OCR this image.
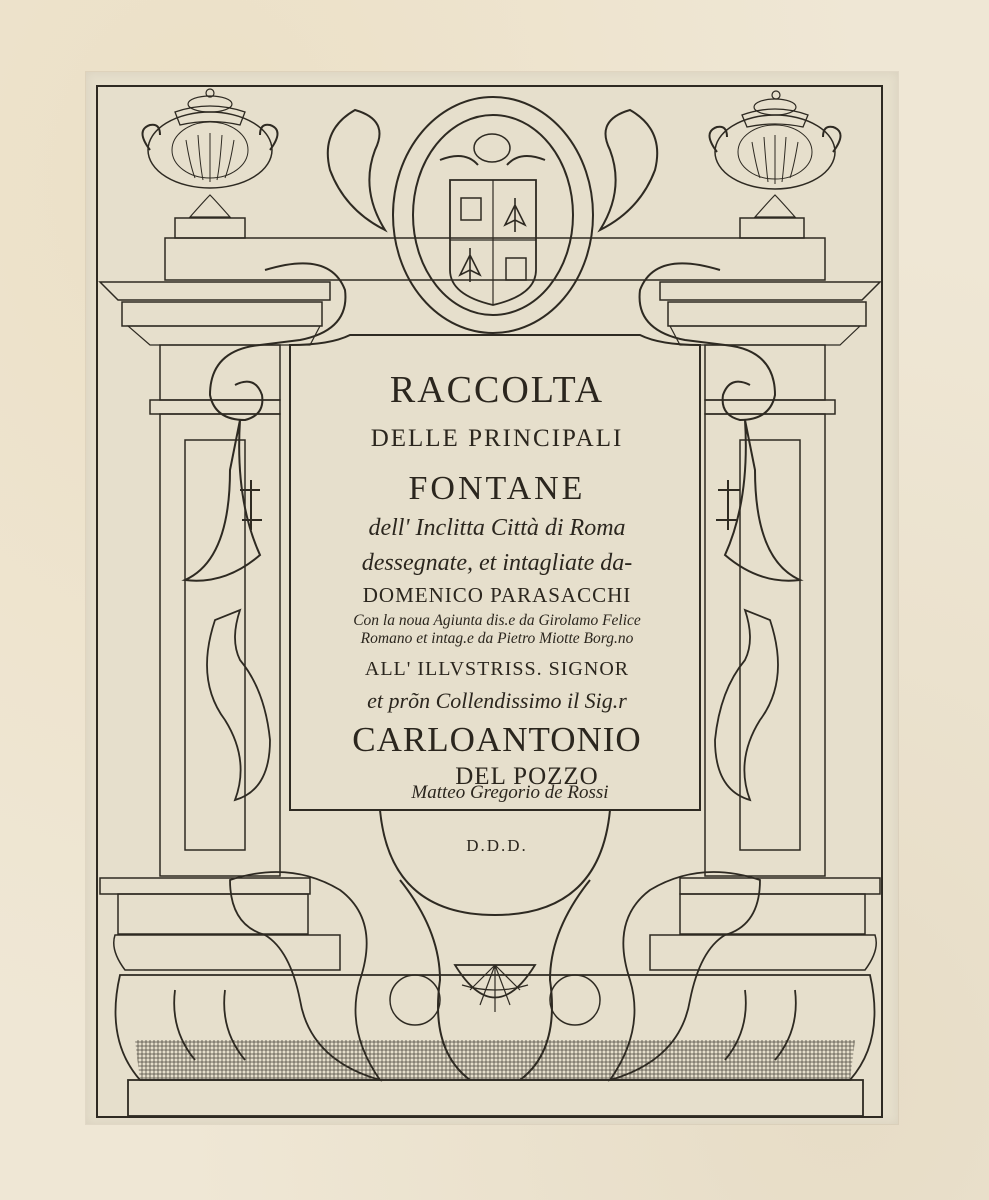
RACCOLTA
DELLE PRINCIPALI
FONTANE
dell' Inclitta Città di Roma
dessegnate, et intagliate da-
DOMENICO PARASACCHI
Con la noua Agiunta dis.e da Girolamo Felice
Romano et intag.e da Pietro Miotte Borg.no
ALL' ILLVSTRISS. SIGNOR
et prõn Collendissimo il Sig.r
CARLOANTONIO
DEL POZZO
Matteo Gregorio de Rossi
D.D.D.
